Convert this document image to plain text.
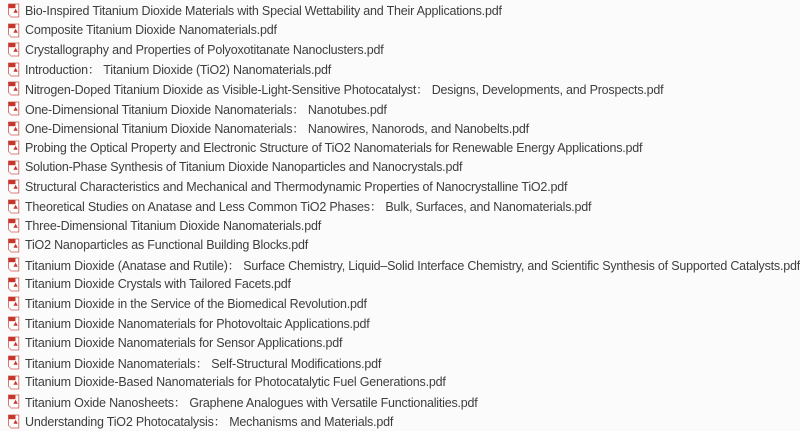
Bio-Inspired Titanium Dioxide Materials with Special Wettability and Their Applications.pdf
Composite Titanium Dioxide Nanomaterials.pdf
Crystallography and Properties of Polyoxotitanate Nanoclusters.pdf
Introduction： Titanium Dioxide (TiO2) Nanomaterials.pdf
Nitrogen-Doped Titanium Dioxide as Visible-Light-Sensitive Photocatalyst： Designs, Developments, and Prospects.pdf
One-Dimensional Titanium Dioxide Nanomaterials： Nanotubes.pdf
One-Dimensional Titanium Dioxide Nanomaterials： Nanowires, Nanorods, and Nanobelts.pdf
Probing the Optical Property and Electronic Structure of TiO2 Nanomaterials for Renewable Energy Applications.pdf
Solution-Phase Synthesis of Titanium Dioxide Nanoparticles and Nanocrystals.pdf
Structural Characteristics and Mechanical and Thermodynamic Properties of Nanocrystalline TiO2.pdf
Theoretical Studies on Anatase and Less Common TiO2 Phases： Bulk, Surfaces, and Nanomaterials.pdf
Three-Dimensional Titanium Dioxide Nanomaterials.pdf
TiO2 Nanoparticles as Functional Building Blocks.pdf
Titanium Dioxide (Anatase and Rutile)： Surface Chemistry, Liquid–Solid Interface Chemistry, and Scientific Synthesis of Supported Catalysts.pdf
Titanium Dioxide Crystals with Tailored Facets.pdf
Titanium Dioxide in the Service of the Biomedical Revolution.pdf
Titanium Dioxide Nanomaterials for Photovoltaic Applications.pdf
Titanium Dioxide Nanomaterials for Sensor Applications.pdf
Titanium Dioxide Nanomaterials： Self-Structural Modifications.pdf
Titanium Dioxide-Based Nanomaterials for Photocatalytic Fuel Generations.pdf
Titanium Oxide Nanosheets： Graphene Analogues with Versatile Functionalities.pdf
Understanding TiO2 Photocatalysis： Mechanisms and Materials.pdf
